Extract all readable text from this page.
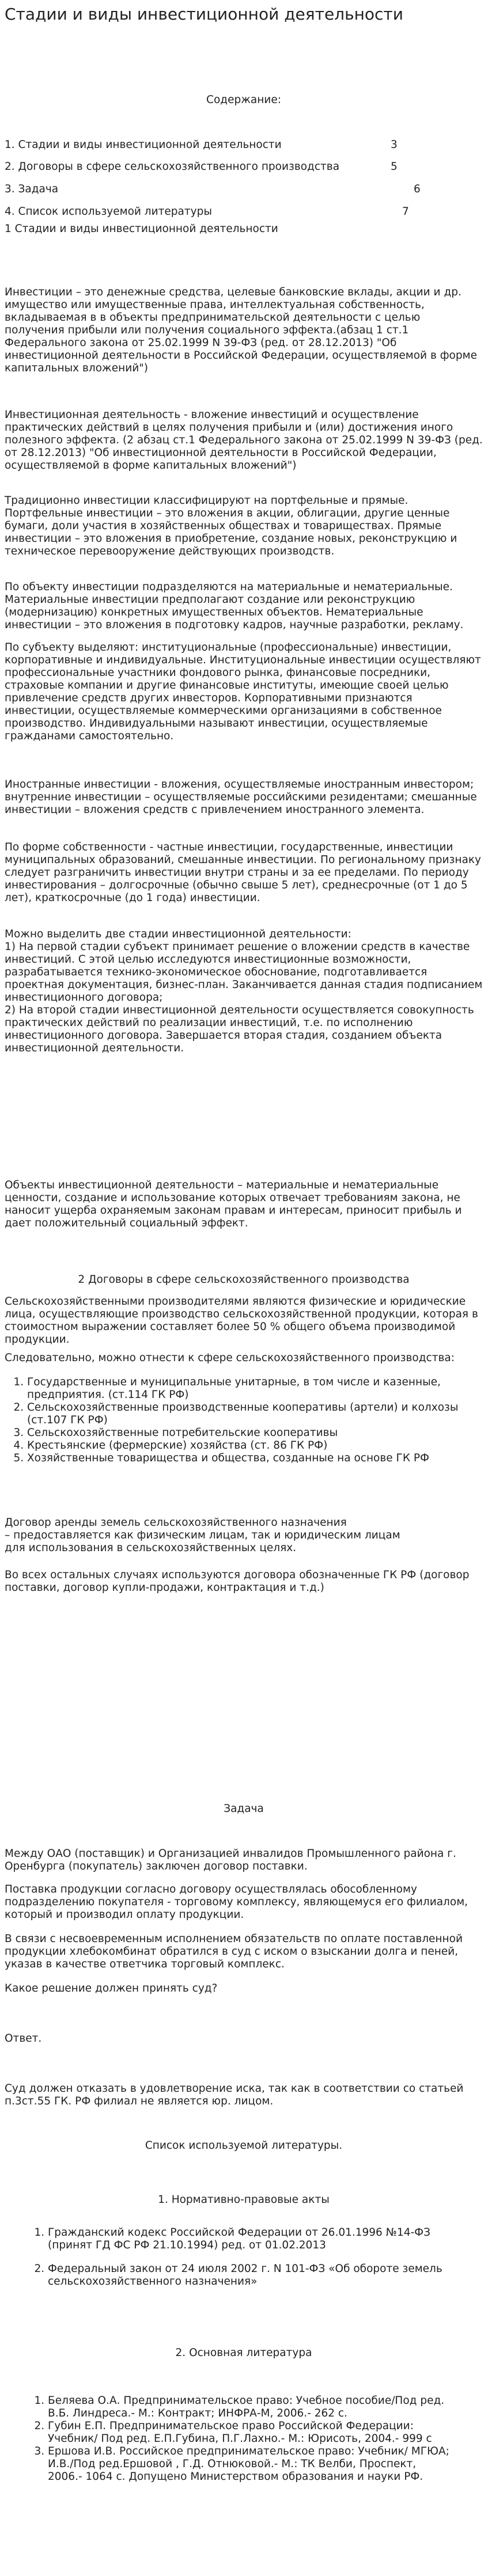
Стадии и виды инвестиционной деятельности

Содержание:

1. Стадии и виды инвестиционной деятельности	3
2. Договоры в сфере сельскохозяйственного производства	5
3. Задача	6
4. Список используемой литературы	7

1 Стадии и виды инвестиционной деятельности

Инвестиции – это денежные средства, целевые банковские вклады, акции и др. имущество или имущественные права, интеллектуальная собственность, вкладываемая в в объекты предпринимательской деятельности с целью получения прибыли или получения социального эффекта.(абзац 1 ст.1 Федерального закона от 25.02.1999 N 39-ФЗ (ред. от 28.12.2013) "Об инвестиционной деятельности в Российской Федерации, осуществляемой в форме капитальных вложений")

Инвестиционная деятельность - вложение инвестиций и осуществление практических действий в целях получения прибыли и (или) достижения иного полезного эффекта. (2 абзац ст.1 Федерального закона от 25.02.1999 N 39-ФЗ (ред. от 28.12.2013) "Об инвестиционной деятельности в Российской Федерации, осуществляемой в форме капитальных вложений")

Традиционно инвестиции классифицируют на портфельные и прямые. Портфельные инвестиции – это вложения в акции, облигации, другие ценные бумаги, доли участия в хозяйственных обществах и товариществах. Прямые инвестиции – это вложения в приобретение, создание новых, реконструкцию и техническое перевооружение действующих производств.

По объекту инвестиции подразделяются на материальные и нематериальные. Материальные инвестиции предполагают создание или реконструкцию (модернизацию) конкретных имущественных объектов. Нематериальные инвестиции – это вложения в подготовку кадров, научные разработки, рекламу.

По субъекту выделяют: институциональные (профессиональные) инвестиции, корпоративные и индивидуальные. Институциональные инвестиции осуществляют профессиональные участники фондового рынка, финансовые посредники, страховые компании и другие финансовые институты, имеющие своей целью привлечение средств других инвесторов. Корпоративными признаются инвестиции, осуществляемые коммерческими организациями в собственное производство. Индивидуальными называют инвестиции, осуществляемые гражданами самостоятельно.

Иностранные инвестиции - вложения, осуществляемые иностранным инвестором; внутренние инвестиции – осуществляемые российскими резидентами; смешанные инвестиции – вложения средств с привлечением иностранного элемента.

По форме собственности - частные инвестиции, государственные, инвестиции муниципальных образований, смешанные инвестиции. По региональному признаку следует разграничить инвестиции внутри страны и за ее пределами. По периоду инвестирования – долгосрочные (обычно свыше 5 лет), среднесрочные (от 1 до 5 лет), краткосрочные (до 1 года) инвестиции.

Можно выделить две стадии инвестиционной деятельности:
1) На первой стадии субъект принимает решение о вложении средств в качестве инвестиций. С этой целью исследуются инвестиционные возможности, разрабатывается технико-экономическое обоснование, подготавливается проектная документация, бизнес-план. Заканчивается данная стадия подписанием инвестиционного договора;
2) На второй стадии инвестиционной деятельности осуществляется совокупность практических действий по реализации инвестиций, т.е. по исполнению инвестиционного договора. Завершается вторая стадия, созданием объекта инвестиционной деятельности.

Объекты инвестиционной деятельности – материальные и нематериальные ценности, создание и использование которых отвечает требованиям закона, не наносит ущерба охраняемым законам правам и интересам, приносит прибыль и дает положительный социальный эффект.

2 Договоры в сфере сельскохозяйственного производства

Сельскохозяйственными производителями являются физические и юридические лица, осуществляющие производство сельскохозяйственной продукции, которая в стоимостном выражении составляет более 50 % общего объема производимой продукции.

Следовательно, можно отнести к сфере сельскохозяйственного производства:

1. Государственные и муниципальные унитарные, в том числе и казенные, предприятия. (ст.114 ГК РФ)
2. Сельскохозяйственные производственные кооперативы (артели) и колхозы (ст.107 ГК РФ)
3. Сельскохозяйственные потребительские кооперативы
4. Крестьянские (фермерские) хозяйства (ст. 86 ГК РФ)
5. Хозяйственные товарищества и общества, созданные на основе ГК РФ

Договор аренды земель сельскохозяйственного назначения
– предоставляется как физическим лицам, так и юридическим лицам
для использования в сельскохозяйственных целях.

Во всех остальных случаях используются договора обозначенные ГК РФ (договор поставки, договор купли-продажи, контрактация и т.д.)

Задача

Между ОАО (поставщик) и Организацией инвалидов Промышленного района г. Оренбурга (покупатель) заключен договор поставки.

Поставка продукции согласно договору осуществлялась обособленному подразделению покупателя - торговому комплексу, являющемуся его филиалом, который и производил оплату продукции.

В связи с несвоевременным исполнением обязательств по оплате поставленной продукции хлебокомбинат обратился в суд с иском о взыскании долга и пеней, указав в качестве ответчика торговый комплекс.

Какое решение должен принять суд?

Ответ.

Суд должен отказать в удовлетворение иска, так как в соответствии со статьей п.3ст.55 ГК. РФ филиал не является юр. лицом.

Список используемой литературы.

1. Нормативно-правовые акты

1. Гражданский кодекс Российской Федерации от 26.01.1996 №14-ФЗ (принят ГД ФС РФ 21.10.1994) ред. от 01.02.2013
2. Федеральный закон от 24 июля 2002 г. N 101-ФЗ «Об обороте земель сельскохозяйственного назначения»

2. Основная литература

1. Беляева О.А. Предпринимательское право: Учебное пособие/Под ред. В.Б. Линдреса.- М.: Контракт; ИНФРА-М, 2006.- 262 с.
2. Губин Е.П. Предпринимательское право Российской Федерации: Учебник/ Под ред. Е.П.Губина, П.Г.Лахно.- М.: Юрисоть, 2004.- 999 с
3. Ершова И.В. Российское предпринимательское право: Учебник/ МГЮА; И.В./Под ред.Ершовой , Г.Д. Отнюковой.- М.: ТК Велби, Проспект, 2006.- 1064 с. Допущено Министерством образования и науки РФ.
